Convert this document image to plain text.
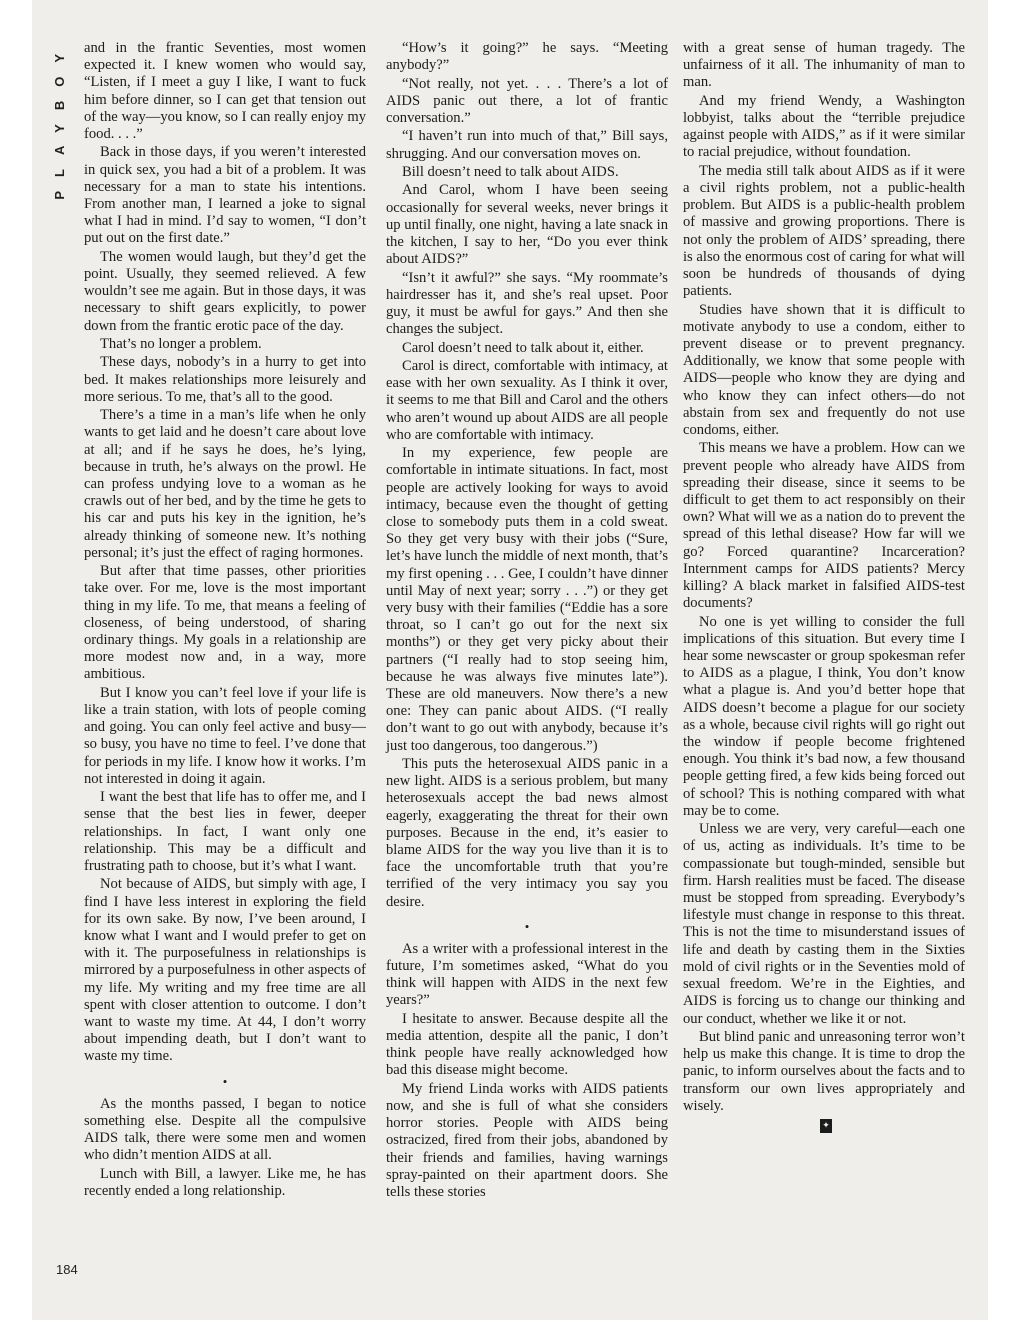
PLAYBOY
184

and in the frantic Seventies, most women expected it. I knew women who would say, “Listen, if I meet a guy I like, I want to fuck him before dinner, so I can get that tension out of the way—you know, so I can really enjoy my food. . . .”

Back in those days, if you weren’t interested in quick sex, you had a bit of a problem. It was necessary for a man to state his intentions. From another man, I learned a joke to signal what I had in mind. I’d say to women, “I don’t put out on the first date.”

The women would laugh, but they’d get the point. Usually, they seemed relieved. A few wouldn’t see me again. But in those days, it was necessary to shift gears explicitly, to power down from the frantic erotic pace of the day.

That’s no longer a problem.

These days, nobody’s in a hurry to get into bed. It makes relationships more leisurely and more serious. To me, that’s all to the good.

There’s a time in a man’s life when he only wants to get laid and he doesn’t care about love at all; and if he says he does, he’s lying, because in truth, he’s always on the prowl. He can profess undying love to a woman as he crawls out of her bed, and by the time he gets to his car and puts his key in the ignition, he’s already thinking of someone new. It’s nothing personal; it’s just the effect of raging hormones.

But after that time passes, other priorities take over. For me, love is the most important thing in my life. To me, that means a feeling of closeness, of being understood, of sharing ordinary things. My goals in a relationship are more modest now and, in a way, more ambitious.

But I know you can’t feel love if your life is like a train station, with lots of people coming and going. You can only feel active and busy—so busy, you have no time to feel. I’ve done that for periods in my life. I know how it works. I’m not interested in doing it again.

I want the best that life has to offer me, and I sense that the best lies in fewer, deeper relationships. In fact, I want only one relationship. This may be a difficult and frustrating path to choose, but it’s what I want.

Not because of AIDS, but simply with age, I find I have less interest in exploring the field for its own sake. By now, I’ve been around, I know what I want and I would prefer to get on with it. The purposefulness in relationships is mirrored by a purposefulness in other aspects of my life. My writing and my free time are all spent with closer attention to outcome. I don’t want to waste my time. At 44, I don’t worry about impending death, but I don’t want to waste my time.

•

As the months passed, I began to notice something else. Despite all the compulsive AIDS talk, there were some men and women who didn’t mention AIDS at all.

Lunch with Bill, a lawyer. Like me, he has recently ended a long relationship.

“How’s it going?” he says. “Meeting anybody?”

“Not really, not yet. . . . There’s a lot of AIDS panic out there, a lot of frantic conversation.”

“I haven’t run into much of that,” Bill says, shrugging. And our conversation moves on.

Bill doesn’t need to talk about AIDS.

And Carol, whom I have been seeing occasionally for several weeks, never brings it up until finally, one night, having a late snack in the kitchen, I say to her, “Do you ever think about AIDS?”

“Isn’t it awful?” she says. “My roommate’s hairdresser has it, and she’s real upset. Poor guy, it must be awful for gays.” And then she changes the subject.

Carol doesn’t need to talk about it, either.

Carol is direct, comfortable with intimacy, at ease with her own sexuality. As I think it over, it seems to me that Bill and Carol and the others who aren’t wound up about AIDS are all people who are comfortable with intimacy.

In my experience, few people are comfortable in intimate situations. In fact, most people are actively looking for ways to avoid intimacy, because even the thought of getting close to somebody puts them in a cold sweat. So they get very busy with their jobs (“Sure, let’s have lunch the middle of next month, that’s my first opening . . . Gee, I couldn’t have dinner until May of next year; sorry . . .”) or they get very busy with their families (“Eddie has a sore throat, so I can’t go out for the next six months”) or they get very picky about their partners (“I really had to stop seeing him, because he was always five minutes late”). These are old maneuvers. Now there’s a new one: They can panic about AIDS. (“I really don’t want to go out with anybody, because it’s just too dangerous, too dangerous.”)

This puts the heterosexual AIDS panic in a new light. AIDS is a serious problem, but many heterosexuals accept the bad news almost eagerly, exaggerating the threat for their own purposes. Because in the end, it’s easier to blame AIDS for the way you live than it is to face the uncomfortable truth that you’re terrified of the very intimacy you say you desire.

•

As a writer with a professional interest in the future, I’m sometimes asked, “What do you think will happen with AIDS in the next few years?”

I hesitate to answer. Because despite all the media attention, despite all the panic, I don’t think people have really acknowledged how bad this disease might become.

My friend Linda works with AIDS patients now, and she is full of what she considers horror stories. People with AIDS being ostracized, fired from their jobs, abandoned by their friends and families, having warnings spray-painted on their apartment doors. She tells these stories

with a great sense of human tragedy. The unfairness of it all. The inhumanity of man to man.

And my friend Wendy, a Washington lobbyist, talks about the “terrible prejudice against people with AIDS,” as if it were similar to racial prejudice, without foundation.

The media still talk about AIDS as if it were a civil rights problem, not a public-health problem. But AIDS is a public-health problem of massive and growing proportions. There is not only the problem of AIDS’ spreading, there is also the enormous cost of caring for what will soon be hundreds of thousands of dying patients.

Studies have shown that it is difficult to motivate anybody to use a condom, either to prevent disease or to prevent pregnancy. Additionally, we know that some people with AIDS—people who know they are dying and who know they can infect others—do not abstain from sex and frequently do not use condoms, either.

This means we have a problem. How can we prevent people who already have AIDS from spreading their disease, since it seems to be difficult to get them to act responsibly on their own? What will we as a nation do to prevent the spread of this lethal disease? How far will we go? Forced quarantine? Incarceration? Internment camps for AIDS patients? Mercy killing? A black market in falsified AIDS-test documents?

No one is yet willing to consider the full implications of this situation. But every time I hear some newscaster or group spokesman refer to AIDS as a plague, I think, You don’t know what a plague is. And you’d better hope that AIDS doesn’t become a plague for our society as a whole, because civil rights will go right out the window if people become frightened enough. You think it’s bad now, a few thousand people getting fired, a few kids being forced out of school? This is nothing compared with what may be to come.

Unless we are very, very careful—each one of us, acting as individuals. It’s time to be compassionate but tough-minded, sensible but firm. Harsh realities must be faced. The disease must be stopped from spreading. Everybody’s lifestyle must change in response to this threat. This is not the time to misunderstand issues of life and death by casting them in the Sixties mold of civil rights or in the Seventies mold of sexual freedom. We’re in the Eighties, and AIDS is forcing us to change our thinking and our conduct, whether we like it or not.

But blind panic and unreasoning terror won’t help us make this change. It is time to drop the panic, to inform ourselves about the facts and to transform our own lives appropriately and wisely.

✦
